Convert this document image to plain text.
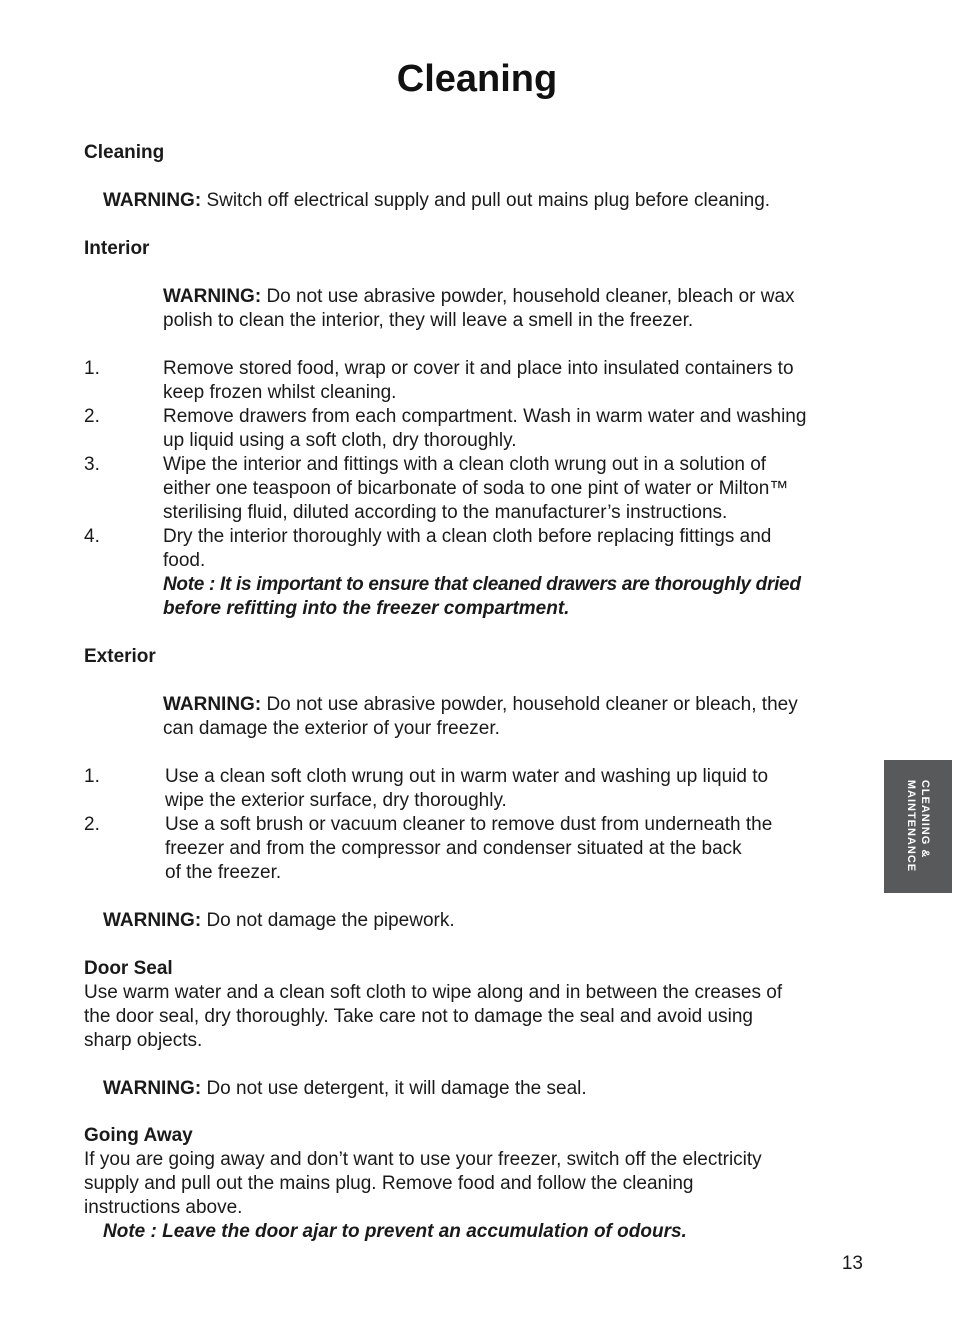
Cleaning
Cleaning
WARNING: Switch off electrical supply and pull out mains plug before cleaning.
Interior
WARNING: Do not use abrasive powder, household cleaner, bleach or wax
polish to clean the interior, they will leave a smell in the freezer.
1.	Remove stored food, wrap or cover it and place into insulated containers to
keep frozen whilst cleaning.
2.	Remove drawers from each compartment. Wash in warm water and washing
up liquid using a soft cloth, dry thoroughly.
3.	Wipe the interior and fittings with a clean cloth wrung out in a solution of
either one teaspoon of bicarbonate of soda to one pint of water or Milton™
sterilising fluid, diluted according to the manufacturer’s instructions.
4.	Dry the interior thoroughly with a clean cloth before replacing fittings and
food.
Note : It is important to ensure that cleaned drawers are thoroughly dried
before refitting into the freezer compartment.
Exterior
WARNING: Do not use abrasive powder, household cleaner or bleach, they
can damage the exterior of your freezer.
1.	Use a clean soft cloth wrung out in warm water and washing up liquid to
wipe the exterior surface, dry thoroughly.
2.	Use a soft brush or vacuum cleaner to remove dust from underneath the
freezer and from the compressor and condenser situated at the back
of the freezer.
WARNING: Do not damage the pipework.
Door Seal
Use warm water and a clean soft cloth to wipe along and in between the creases of
the door seal, dry thoroughly. Take care not to damage the seal and avoid using
sharp objects.
WARNING: Do not use detergent, it will damage the seal.
Going Away
If you are going away and don’t want to use your freezer, switch off the electricity
supply and pull out the mains plug. Remove food and follow the cleaning
instructions above.
Note : Leave the door ajar to prevent an accumulation of odours.
CLEANING &
MAINTENANCE
13
